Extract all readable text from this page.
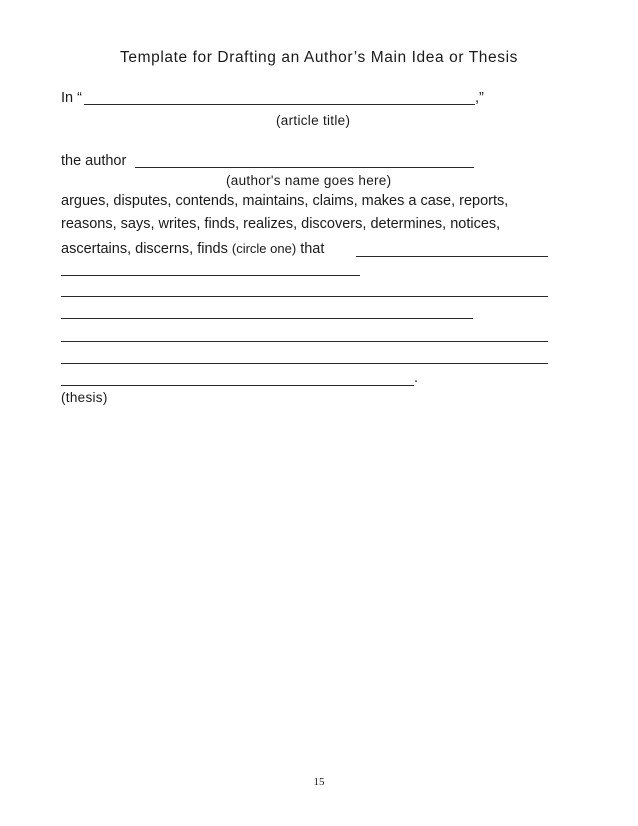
Template for Drafting an Author’s Main Idea or Thesis
In “	,”
(article title)
the author
(author's name goes here)
argues, disputes, contends, maintains, claims, makes a case, reports,
reasons, says, writes, finds, realizes, discovers, determines, notices,
ascertains, discerns, finds (circle one) that
.
(thesis)
15
